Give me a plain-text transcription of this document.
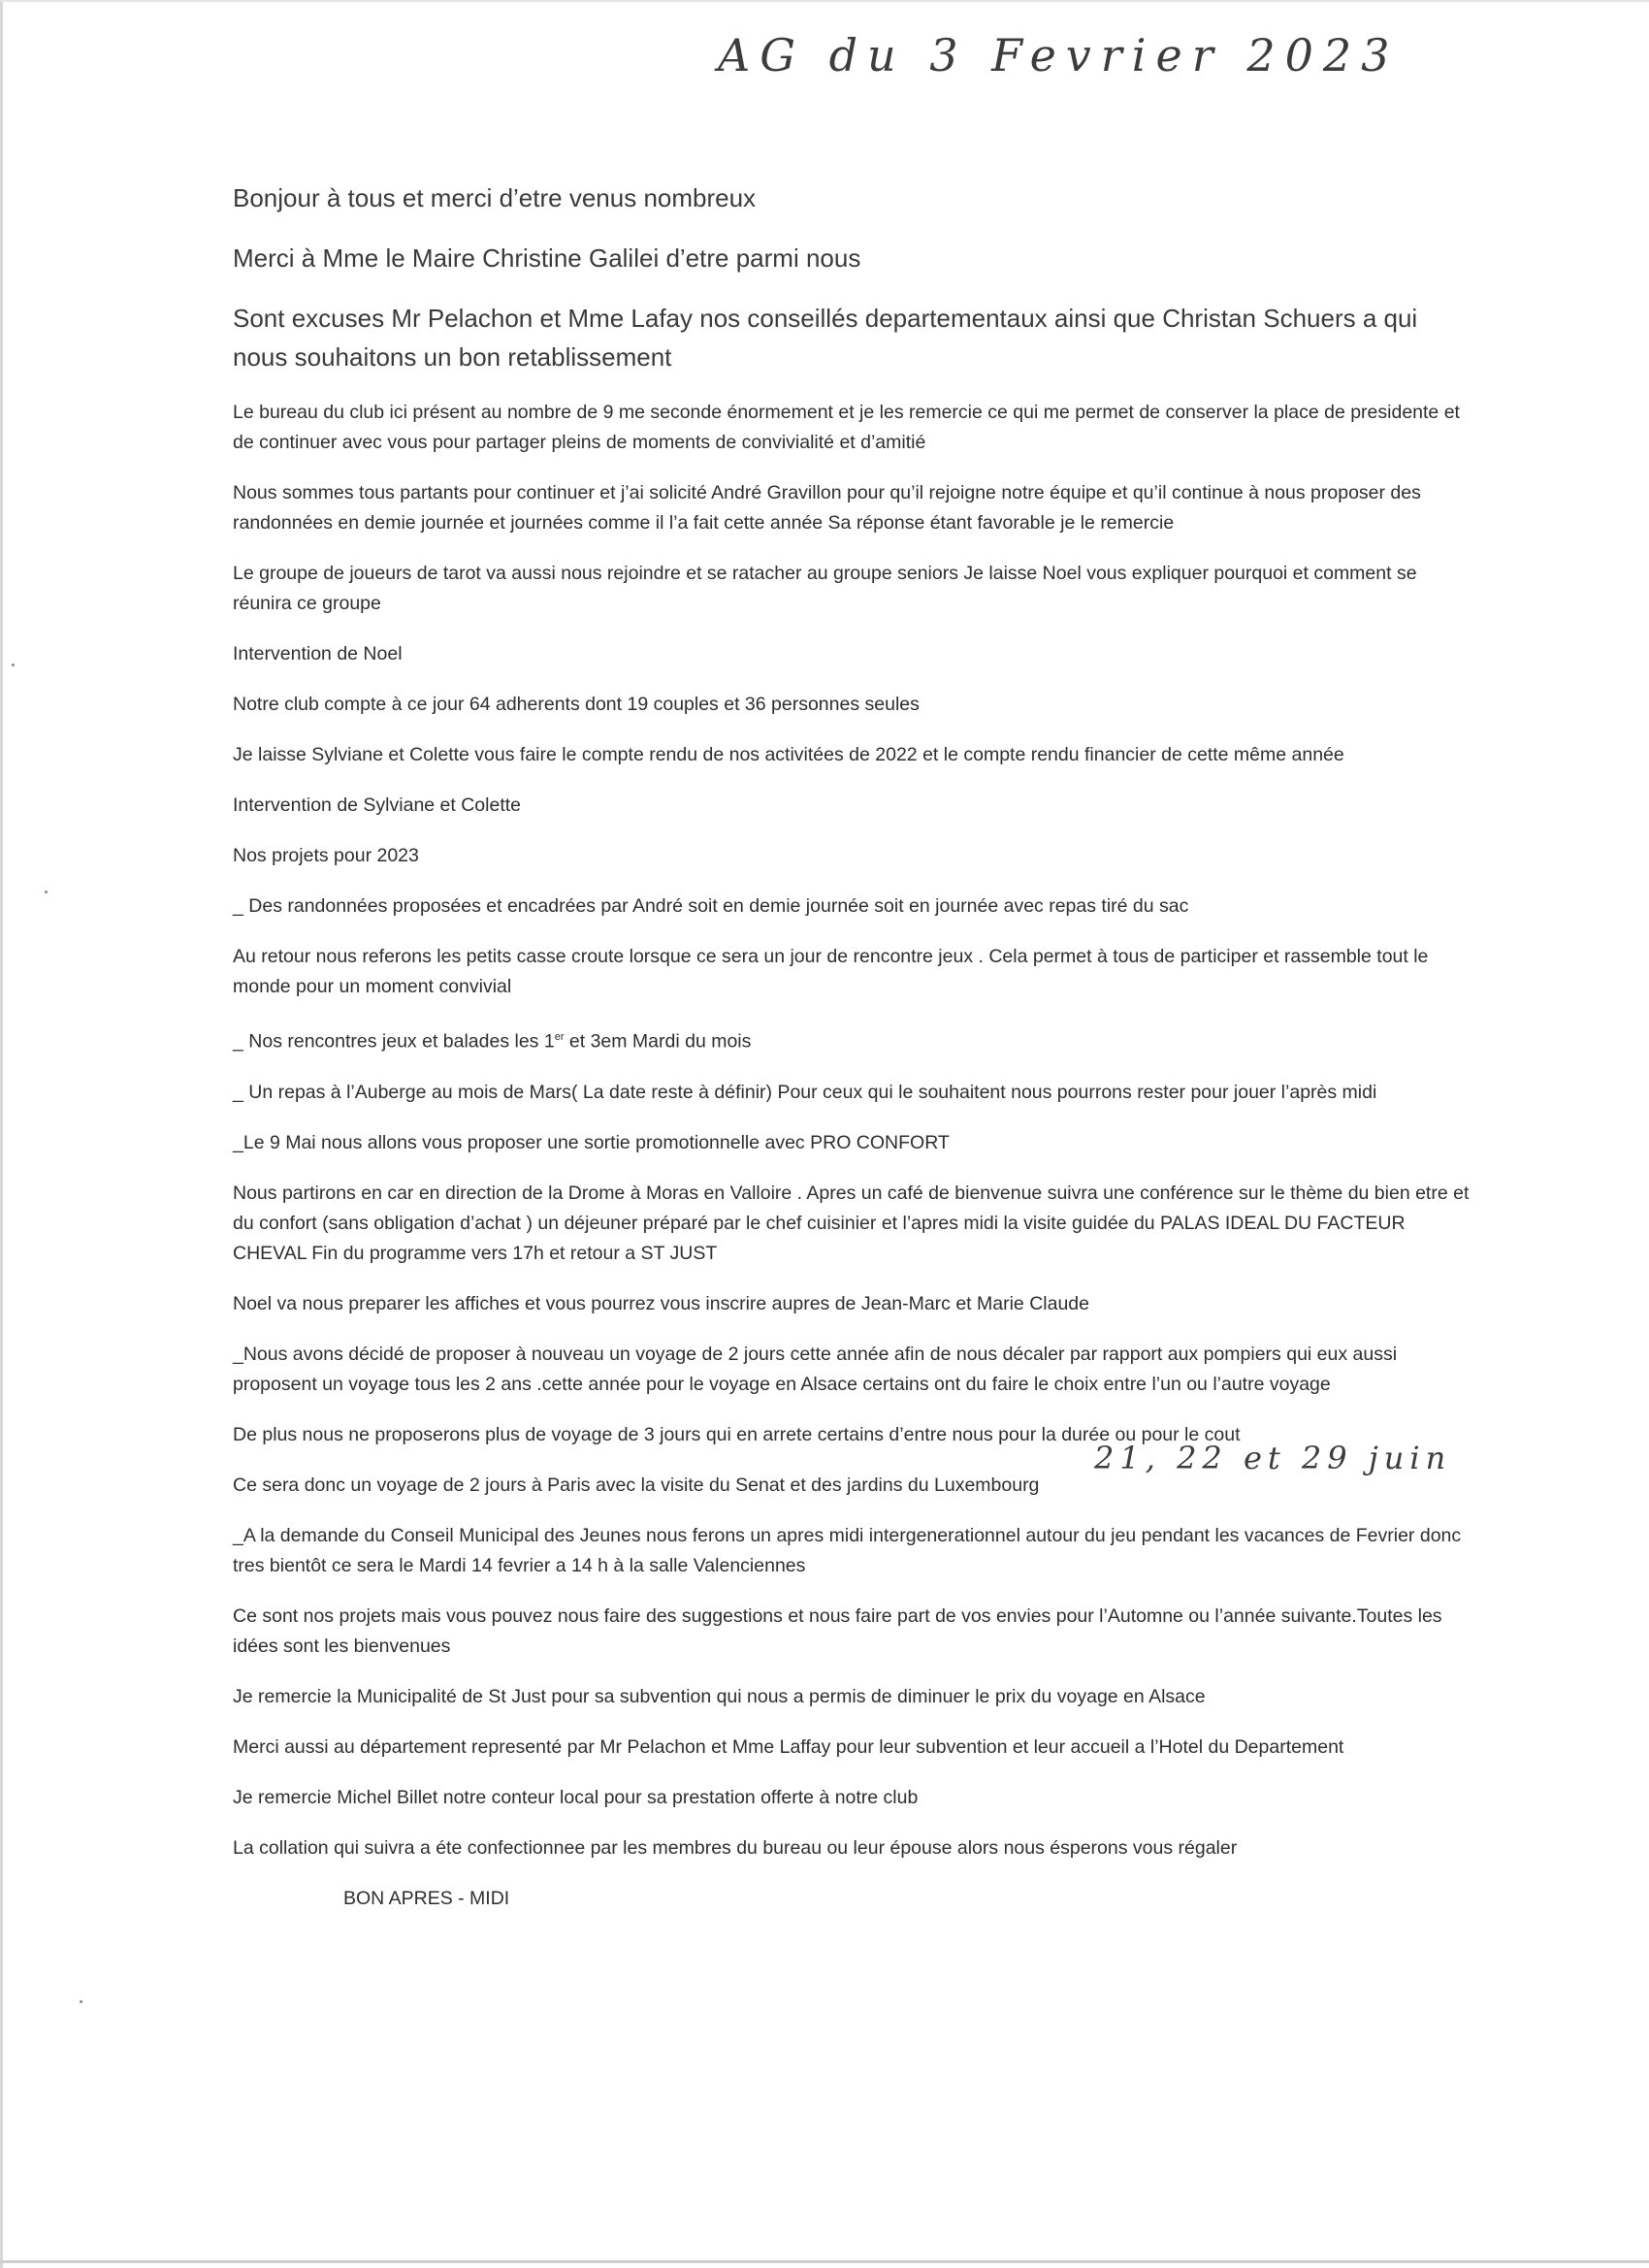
AG du 3 Fevrier 2023

Bonjour à tous et merci d’etre venus nombreux

Merci à Mme le Maire Christine Galilei d’etre parmi nous

Sont excuses Mr Pelachon et Mme Lafay nos conseillés departementaux ainsi que Christan Schuers a qui nous souhaitons un bon retablissement

Le bureau du club ici présent au nombre de 9 me seconde énormement et je les remercie ce qui me permet de conserver la place de presidente et de continuer avec vous pour partager pleins de moments de convivialité et d’amitié

Nous sommes tous partants pour continuer et j’ai solicité André Gravillon pour qu’il rejoigne notre équipe et qu’il continue à nous proposer des randonnées en demie journée et journées comme il l’a fait cette année Sa réponse étant favorable je le remercie

Le groupe de joueurs de tarot va aussi nous rejoindre et se ratacher au groupe seniors Je laisse Noel vous expliquer pourquoi et comment se réunira ce groupe

Intervention de Noel

Notre club compte à ce jour 64 adherents dont 19 couples et 36 personnes seules

Je laisse Sylviane et Colette vous faire le compte rendu de nos activitées de 2022 et le compte rendu financier de cette même année

Intervention de Sylviane et Colette

Nos projets pour 2023

_ Des randonnées proposées et encadrées par André soit en demie journée soit en journée avec repas tiré du sac

Au retour nous referons les petits casse croute lorsque ce sera un jour de rencontre jeux . Cela permet à tous de participer et rassemble tout le monde pour un moment convivial

_ Nos rencontres jeux et balades les 1er et 3em Mardi du mois

_ Un repas à l’Auberge au mois de Mars( La date reste à définir) Pour ceux qui le souhaitent nous pourrons rester pour jouer l’après midi

_Le 9 Mai nous allons vous proposer une sortie promotionnelle avec PRO CONFORT

Nous partirons en car en direction de la Drome à Moras en Valloire . Apres un café de bienvenue suivra une conférence sur le thème du bien etre et du confort (sans obligation d’achat ) un déjeuner préparé par le chef cuisinier et l’apres midi la visite guidée du PALAS IDEAL DU FACTEUR CHEVAL Fin du programme vers 17h et retour a ST JUST

Noel va nous preparer les affiches et vous pourrez vous inscrire aupres de Jean-Marc et Marie Claude

_Nous avons décidé de proposer à nouveau un voyage de 2 jours cette année afin de nous décaler par rapport aux pompiers qui eux aussi proposent un voyage tous les 2 ans .cette année pour le voyage en Alsace certains ont du faire le choix entre l’un ou l’autre voyage

De plus nous ne proposerons plus de voyage de 3 jours qui en arrete certains d’entre nous pour la durée ou pour le cout

Ce sera donc un voyage de 2 jours à Paris avec la visite du Senat et des jardins du Luxembourg

_A la demande du Conseil Municipal des Jeunes nous ferons un apres midi intergenerationnel autour du jeu pendant les vacances de Fevrier donc tres bientôt ce sera le Mardi 14 fevrier a 14 h à la salle Valenciennes

Ce sont nos projets mais vous pouvez nous faire des suggestions et nous faire part de vos envies pour l’Automne ou l’année suivante.Toutes les idées sont les bienvenues

Je remercie la Municipalité de St Just pour sa subvention qui nous a permis de diminuer le prix du voyage en Alsace

Merci aussi au département representé par Mr Pelachon et Mme Laffay pour leur subvention et leur accueil a l’Hotel du Departement

Je remercie Michel Billet notre conteur local pour sa prestation offerte à notre club

La collation qui suivra a éte confectionnee par les membres du bureau ou leur épouse alors nous ésperons vous régaler

BON APRES - MIDI

21, 22 et 29 juin
